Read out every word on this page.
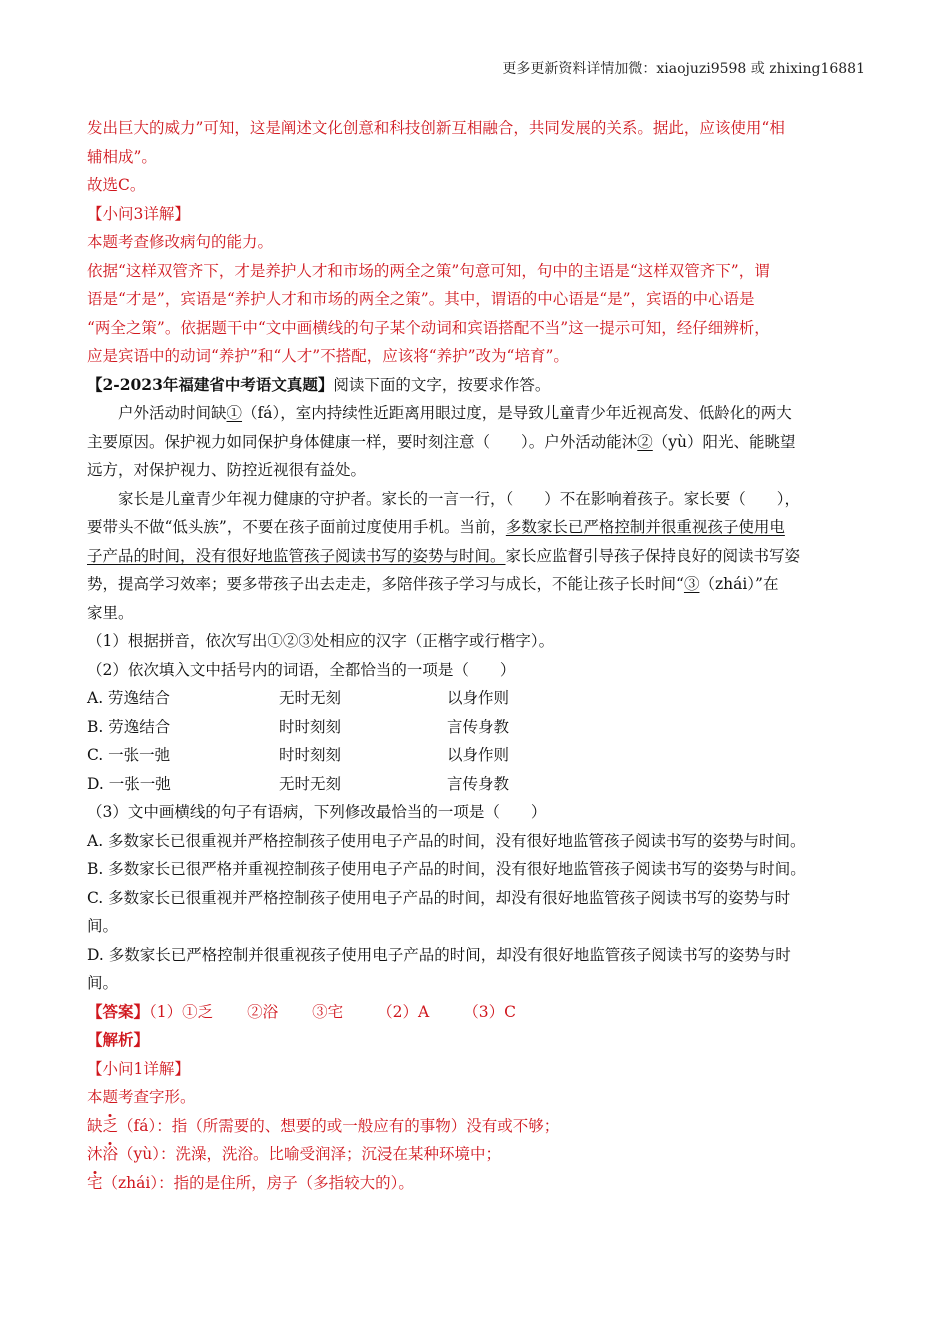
更多更新资料详情加微：xiaojuzi9598 或 zhixing16881

发出巨大的威力”可知，这是阐述文化创意和科技创新互相融合，共同发展的关系。据此，应该使用“相

辅相成”。

故选C。

【小问3详解】

本题考查修改病句的能力。

依据“这样双管齐下，才是养护人才和市场的两全之策”句意可知，句中的主语是“这样双管齐下”，谓

语是“才是”，宾语是“养护人才和市场的两全之策”。其中，谓语的中心语是“是”，宾语的中心语是

“两全之策”。依据题干中“文中画横线的句子某个动词和宾语搭配不当”这一提示可知，经仔细辨析，

应是宾语中的动词“养护”和“人才”不搭配，应该将“养护”改为“培育”。

【2-2023年福建省中考语文真题】阅读下面的文字，按要求作答。

户外活动时间缺①（fá），室内持续性近距离用眼过度，是导致儿童青少年近视高发、低龄化的两大

主要原因。保护视力如同保护身体健康一样，要时刻注意（　　）。户外活动能沐②（yù）阳光、能眺望

远方，对保护视力、防控近视很有益处。

家长是儿童青少年视力健康的守护者。家长的一言一行，（　　）不在影响着孩子。家长要（　　），

要带头不做“低头族”，不要在孩子面前过度使用手机。当前，多数家长已严格控制并很重视孩子使用电

子产品的时间，没有很好地监管孩子阅读书写的姿势与时间。家长应监督引导孩子保持良好的阅读书写姿

势，提高学习效率；要多带孩子出去走走，多陪伴孩子学习与成长，不能让孩子长时间“③（zhái）”在

家里。

（1）根据拼音，依次写出①②③处相应的汉字（正楷字或行楷字）。

（2）依次填入文中括号内的词语，全都恰当的一项是（　　）

A. 劳逸结合	无时无刻	以身作则
B. 劳逸结合	时时刻刻	言传身教
C. 一张一弛	时时刻刻	以身作则
D. 一张一弛	无时无刻	言传身教

（3）文中画横线的句子有语病，下列修改最恰当的一项是（　　）

A. 多数家长已很重视并严格控制孩子使用电子产品的时间，没有很好地监管孩子阅读书写的姿势与时间。

B. 多数家长已很严格并重视控制孩子使用电子产品的时间，没有很好地监管孩子阅读书写的姿势与时间。

C. 多数家长已很重视并严格控制孩子使用电子产品的时间，却没有很好地监管孩子阅读书写的姿势与时

间。

D. 多数家长已严格控制并很重视孩子使用电子产品的时间，却没有很好地监管孩子阅读书写的姿势与时

间。

【答案】（1）①乏 ②浴 ③宅 （2）A （3）C

【解析】

【小问1详解】

本题考查字形。

缺乏（fá）：指（所需要的、想要的或一般应有的事物）没有或不够；

沐浴（yù）：洗澡，洗浴。比喻受润泽；沉浸在某种环境中；

宅（zhái）：指的是住所，房子（多指较大的）。
